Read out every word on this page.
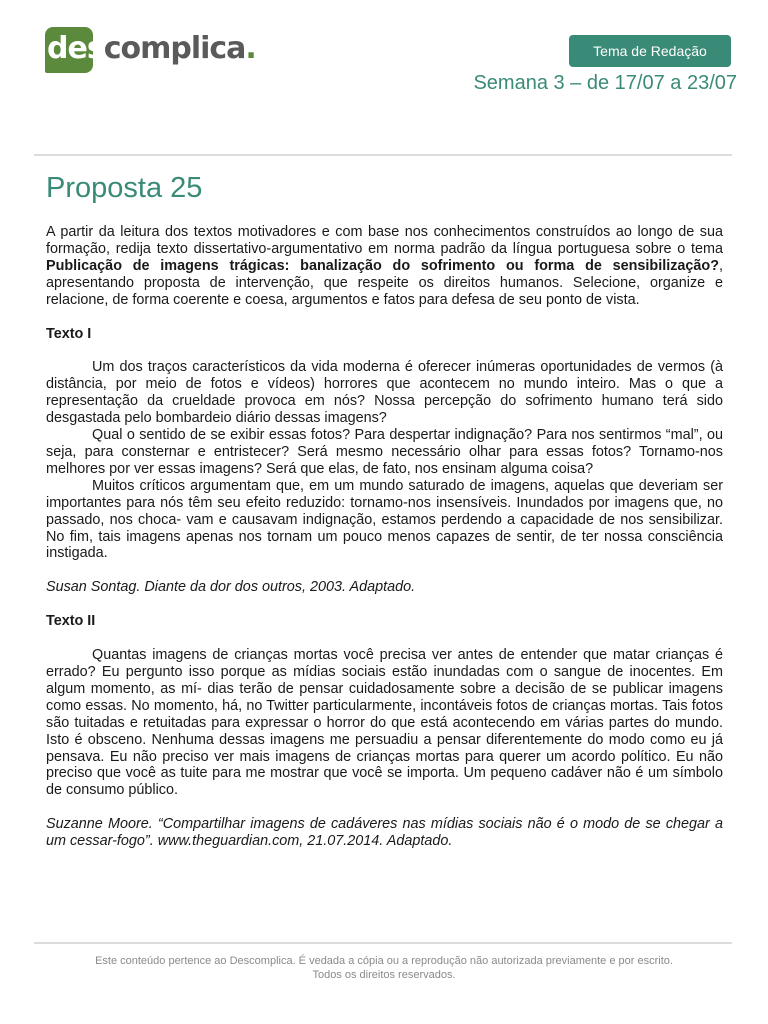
descomplica.	Tema de Redação
Semana 3 – de 17/07 a 23/07
Proposta 25

A partir da leitura dos textos motivadores e com base nos conhecimentos construídos ao longo de sua formação, redija texto dissertativo-argumentativo em norma padrão da língua portuguesa sobre o tema Publicação de imagens trágicas: banalização do sofrimento ou forma de sensibilização?, apresentando proposta de intervenção, que respeite os direitos humanos. Selecione, organize e relacione, de forma coerente e coesa, argumentos e fatos para defesa de seu ponto de vista.

Texto I

Um dos traços característicos da vida moderna é oferecer inúmeras oportunidades de vermos (à distância, por meio de fotos e vídeos) horrores que acontecem no mundo inteiro. Mas o que a representação da crueldade provoca em nós? Nossa percepção do sofrimento humano terá sido desgastada pelo bombardeio diário dessas imagens?

Qual o sentido de se exibir essas fotos? Para despertar indignação? Para nos sentirmos “mal”, ou seja, para consternar e entristecer? Será mesmo necessário olhar para essas fotos? Tornamo-nos melhores por ver essas imagens? Será que elas, de fato, nos ensinam alguma coisa?

Muitos críticos argumentam que, em um mundo saturado de imagens, aquelas que deveriam ser importantes para nós têm seu efeito reduzido: tornamo-nos insensíveis. Inundados por imagens que, no passado, nos choca- vam e causavam indignação, estamos perdendo a capacidade de nos sensibilizar. No fim, tais imagens apenas nos tornam um pouco menos capazes de sentir, de ter nossa consciência instigada.

Susan Sontag. Diante da dor dos outros, 2003. Adaptado.

Texto II

Quantas imagens de crianças mortas você precisa ver antes de entender que matar crianças é errado? Eu pergunto isso porque as mídias sociais estão inundadas com o sangue de inocentes. Em algum momento, as mí- dias terão de pensar cuidadosamente sobre a decisão de se publicar imagens como essas. No momento, há, no Twitter particularmente, incontáveis fotos de crianças mortas. Tais fotos são tuitadas e retuitadas para expressar o horror do que está acontecendo em várias partes do mundo. Isto é obsceno. Nenhuma dessas imagens me persuadiu a pensar diferentemente do modo como eu já pensava. Eu não preciso ver mais imagens de crianças mortas para querer um acordo político. Eu não preciso que você as tuite para me mostrar que você se importa. Um pequeno cadáver não é um símbolo de consumo público.

Suzanne Moore. “Compartilhar imagens de cadáveres nas mídias sociais não é o modo de se chegar a um cessar-fogo”. www.theguardian.com, 21.07.2014. Adaptado.

Este conteúdo pertence ao Descomplica. É vedada a cópia ou a reprodução não autorizada previamente e por escrito.
Todos os direitos reservados.
